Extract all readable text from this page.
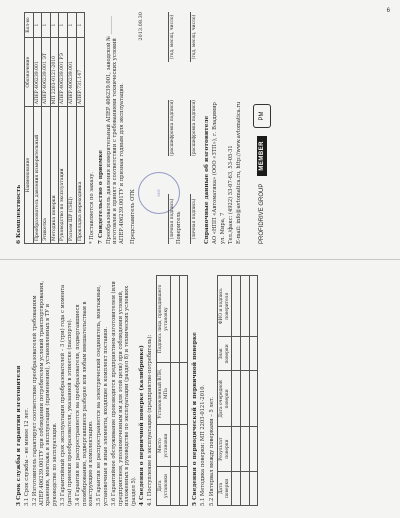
6
3 Срок службы и гарантии изготовителя 3.1 Срок службы – не менее 12 лет. 3.2 Изготовитель гарантирует соответствие преобразователей требованиям АПЕР.406239.001ТУ при соблюдении потребителем условий транспортирования, хранения, монтажа и эксплуатации (применения), установленных в ТУ и руководстве по эксплуатации. 3.3 Гарантийный срок эксплуатации преобразователей – 3 (три) года с момента (даты) приемки преобразователя, указанной в этикетке (паспорте). 3.4 Гарантия не распространяется на преобразователи, подвергавшиеся пломбированию, подвергавшиеся разборке или любым вмешательствам в конструкцию и комплектацию. 3.5 Гарантия не распространяется на электрический соединитель, монтажные, установочные и иные элементы, входящие в комплект поставки. 3.6 Гарантийное обслуживание производится предприятием-изготовителем (или предприятием, уполномоченным им для этой цели) при соблюдении условий, изложенных в руководстве по эксплуатации (раздел 8) и технических условиях (раздел 5). 4 Сведения о первичной поверке (калибровке) 4.1 Поступление в эксплуатацию (предприятие-потребитель): Дата установки	Место установки	Установленный ВЛН, МПа	Подпись лица, проводившего установку

5 Сведения о периодической и первичной поверке 5.1 Методика поверки: МП 2203-0121-2010. 5.2 Интервал между поверками – 5 лет. Дата поверки	Результат поверки	Дата очередной поверки	Знак поверки	ФИО и подпись поверителя

6 Комплектность
Наименование	Обозначение	Кол-во
Преобразователь давления измерительный	АПЕР.406239.001	1
Этикетка	АПЕР.406239.001 ЭТ	1
Методика поверки	МП 2203-0121-2010	1
Руководство по эксплуатации	АПЕР.406239.001 РЭ	1
Разъем ШР (СНЦ)	АПЕР.406239.001	1
Прокладка переходника	АПЕР.731.147	1
* Поставляется по заказу. 7 Свидетельство о приемке Преобразователь давления измерительный АПЕР.406239.001, заводской № _______ изготовлен и принят в соответствии с требованиями технических условий АПЕР.406239.001ТУ и признан годным для эксплуатации. Представитель ОТК	МП
2013.08.30
(личная подпись)
(расшифровка подписи)
(год, месяц, число)
Поверитель	(личная подпись)
(расшифровка подписи)
(год, месяц, число)
Справочные данные об изготовителе АО «НПП «Автоматика» (ООО «ЗТП»), г. Владимир ул. Мира, 7 Тел./факс: (4922) 53-07-63, 53-05-31 E-mail: info@avtomatica.ru, http://www.avtomatica.ru	PROFIDRIVE GROUP
MEMBER
PM
